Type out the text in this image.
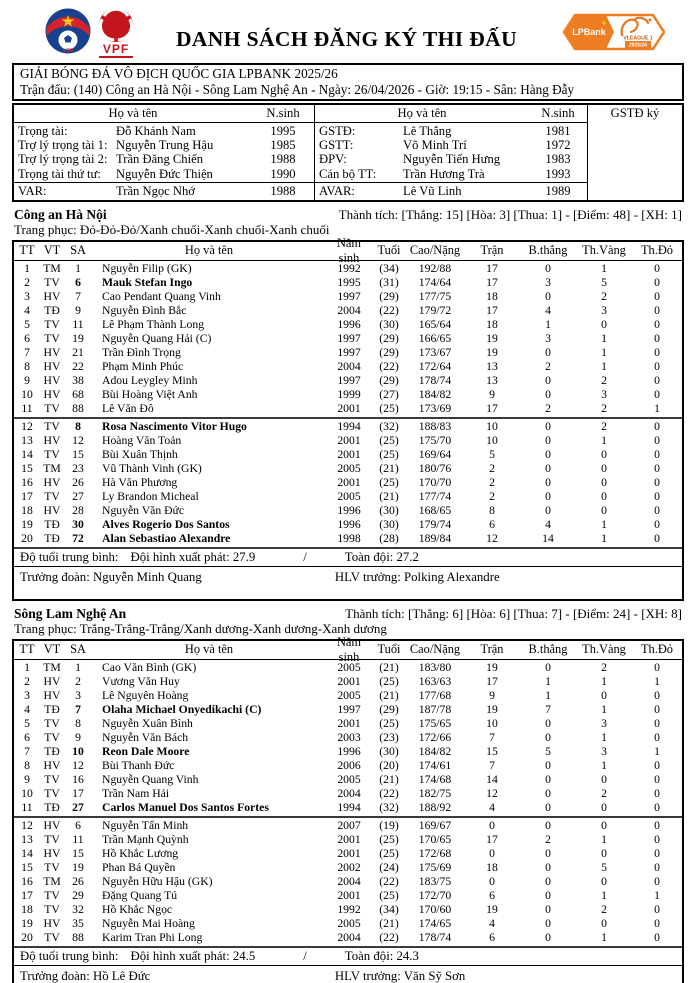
VFF VPF	DANH SÁCH ĐĂNG KÝ THI ĐẤU	LPBank
VLEAGUE 1
2025/26
GIẢI BÓNG ĐÁ VÔ ĐỊCH QUỐC GIA LPBANK 2025/26
Trận đấu: (140) Công an Hà Nội - Sông Lam Nghệ An - Ngày: 26/04/2026 - Giờ: 19:15 - Sân: Hàng Đẫy
Họ và tên	N.sinh
Trọng tài:	Đỗ Khánh Nam	1995
Trợ lý trọng tài 1: Nguyễn Trung Hậu	1985
Trợ lý trọng tài 2: Trần Đăng Chiến	1988
Trọng tài thứ tư:	Nguyễn Đức Thiện	1990
VAR:	Trần Ngọc Nhớ	1988
Họ và tên	N.sinh
GSTĐ:	Lê Thắng	1981
GSTT:	Võ Minh Trí	1972
ĐPV:	Nguyễn Tiến Hưng	1983
Cán bộ TT:	Trần Hương Trà	1993
AVAR:	Lê Vũ Linh	1989
GSTĐ ký
Công an Hà Nội	Thành tích: [Thắng: 15] [Hòa: 3] [Thua: 1] - [Điểm: 48] - [XH: 1]
Trang phục: Đỏ-Đỏ-Đỏ/Xanh chuối-Xanh chuối-Xanh chuối
TT VT SA	Họ và tên
Năm sinh
Tuổi Cao/Nặng	Trận	B.thắng	Th.Vàng	Th.Đỏ
1	TM	1	Nguyễn Filip (GK)	1992	(34)	192/88	17	0	1	0
2	TV	6	Mauk Stefan Ingo	1995	(31)	174/64	17	3	5	0
3	HV	7	Cao Pendant Quang Vinh	1997	(29)	177/75	18	0	2	0
4	TĐ	9	Nguyễn Đình Bắc	2004	(22)	179/72	17	4	3	0
5	TV	11	Lê Phạm Thành Long	1996	(30)	165/64	18	1	0	0
6	TV	19	Nguyễn Quang Hải (C)	1997	(29)	166/65	19	3	1	0
7	HV	21	Trần Đình Trọng	1997	(29)	173/67	19	0	1	0
8	HV	22	Phạm Minh Phúc	2004	(22)	172/64	13	2	1	0
9	HV	38	Adou Leygley Minh	1997	(29)	178/74	13	0	2	0
10 HV	68	Bùi Hoàng Việt Anh	1999	(27)	184/82	9	0	3	0
11 TV	88	Lê Văn Đô	2001	(25)	173/69	17	2	2	1
12 TV	8	Rosa Nascimento Vitor Hugo	1994	(32)	188/83	10	0	2	0
13 HV	12	Hoàng Văn Toản	2001	(25)	175/70	10	0	1	0
14 TV	15	Bùi Xuân Thịnh	2001	(25)	169/64	5	0	0	0
15 TM 23	Vũ Thành Vinh (GK)	2005	(21)	180/76	2	0	0	0
16 HV	26	Hà Văn Phương	2001	(25)	170/70	2	0	0	0
17 TV	27	Ly Brandon Micheal	2005	(21)	177/74	2	0	0	0
18 HV	28	Nguyễn Văn Đức	1996	(30)	168/65	8	0	0	0
19 TĐ	30	Alves Rogerio Dos Santos	1996	(30)	179/74	6	4	1	0
20 TĐ	72	Alan Sebastiao Alexandre	1998	(28)	189/84	12	14	1	0
Độ tuổi trung bình: Đội hình xuất phát: 27.9	/	Toàn đội: 27.2
Trưởng đoàn: Nguyễn Minh Quang	HLV trưởng: Polking Alexandre
Sông Lam Nghệ An	Thành tích: [Thắng: 6] [Hòa: 6] [Thua: 7] - [Điểm: 24] - [XH: 8]
Trang phục: Trắng-Trắng-Trắng/Xanh dương-Xanh dương-Xanh dương
TT VT SA	Họ và tên
Năm sinh
Tuổi Cao/Nặng	Trận	B.thắng	Th.Vàng	Th.Đỏ
1	TM	1	Cao Văn Bình (GK)	2005	(21)	183/80	19	0	2	0
2	HV	2	Vương Văn Huy	2001	(25)	163/63	17	1	1	1
3	HV	3	Lê Nguyên Hoàng	2005	(21)	177/68	9	1	0	0
4	TĐ	7	Olaha Michael Onyedikachi (C)	1997	(29)	187/78	19	7	1	0
5	TV	8	Nguyễn Xuân Bình	2001	(25)	175/65	10	0	3	0
6	TV	9	Nguyễn Văn Bách	2003	(23)	172/66	7	0	1	0
7	TĐ	10	Reon Dale Moore	1996	(30)	184/82	15	5	3	1
8	HV	12	Bùi Thanh Đức	2006	(20)	174/61	7	0	1	0
9	TV	16	Nguyễn Quang Vinh	2005	(21)	174/68	14	0	0	0
10 TV	17	Trần Nam Hải	2004	(22)	182/75	12	0	2	0
11 TĐ	27	Carlos Manuel Dos Santos Fortes	1994	(32)	188/92	4	0	0	0
12 HV	6	Nguyễn Tấn Minh	2007	(19)	169/67	0	0	0	0
13 TV	11	Trần Mạnh Quỳnh	2001	(25)	170/65	17	2	1	0
14 HV	15	Hồ Khắc Lương	2001	(25)	172/68	0	0	0	0
15 TV	19	Phan Bá Quyền	2002	(24)	175/69	18	0	5	0
16 TM 26	Nguyễn Hữu Hậu (GK)	2004	(22)	183/75	0	0	0	0
17 TV	29	Đặng Quang Tú	2001	(25)	172/70	6	0	1	1
18 TV	32	Hồ Khắc Ngọc	1992	(34)	170/60	19	0	2	0
19 HV	35	Nguyễn Mai Hoàng	2005	(21)	174/65	4	0	0	0
20 TV	88	Karim Tran Phi Long	2004	(22)	178/74	6	0	1	0
Độ tuổi trung bình: Đội hình xuất phát: 24.5	/	Toàn đội: 24.3
Trưởng đoàn: Hồ Lê Đức	HLV trưởng: Văn Sỹ Sơn
